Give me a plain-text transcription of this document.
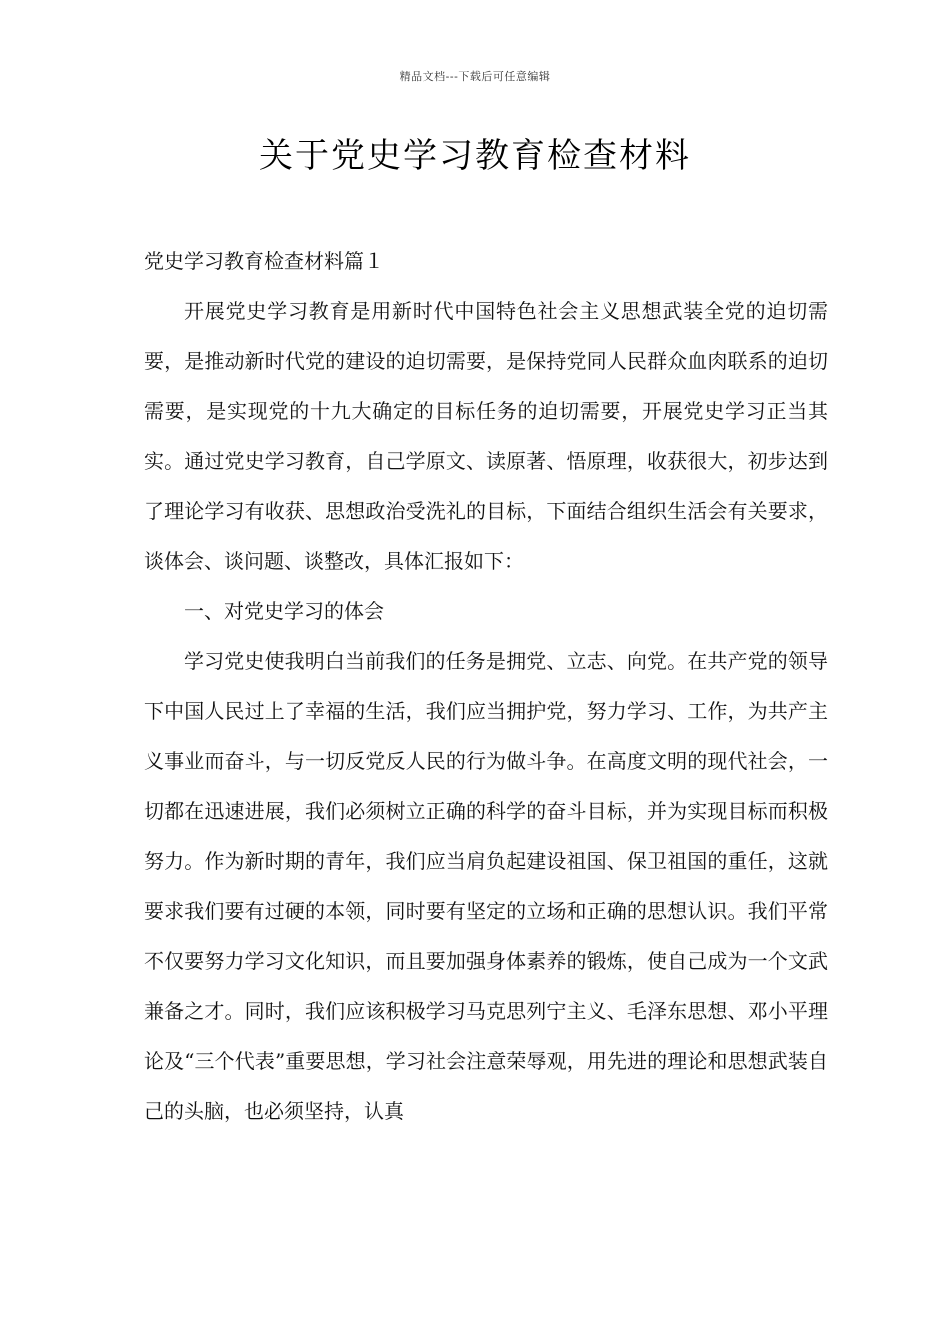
精品文档---下载后可任意编辑
关于党史学习教育检查材料

党史学习教育检查材料篇１

开展党史学习教育是用新时代中国特色社会主义思想武装全党的迫切需要，是推动新时代党的建设的迫切需要，是保持党同人民群众血肉联系的迫切需要，是实现党的十九大确定的目标任务的迫切需要，开展党史学习正当其实。通过党史学习教育，自己学原文、读原著、悟原理，收获很大，初步达到了理论学习有收获、思想政治受洗礼的目标，下面结合组织生活会有关要求，谈体会、谈问题、谈整改，具体汇报如下：

一、对党史学习的体会

学习党史使我明白当前我们的任务是拥党、立志、向党。在共产党的领导下中国人民过上了幸福的生活，我们应当拥护党，努力学习、工作，为共产主义事业而奋斗，与一切反党反人民的行为做斗争。在高度文明的现代社会，一切都在迅速进展，我们必须树立正确的科学的奋斗目标，并为实现目标而积极努力。作为新时期的青年，我们应当肩负起建设祖国、保卫祖国的重任，这就要求我们要有过硬的本领，同时要有坚定的立场和正确的思想认识。我们平常不仅要努力学习文化知识，而且要加强身体素养的锻炼，使自己成为一个文武兼备之才。同时，我们应该积极学习马克思列宁主义、毛泽东思想、邓小平理论及“三个代表”重要思想，学习社会注意荣辱观，用先进的理论和思想武装自己的头脑，也必须坚持，认真
